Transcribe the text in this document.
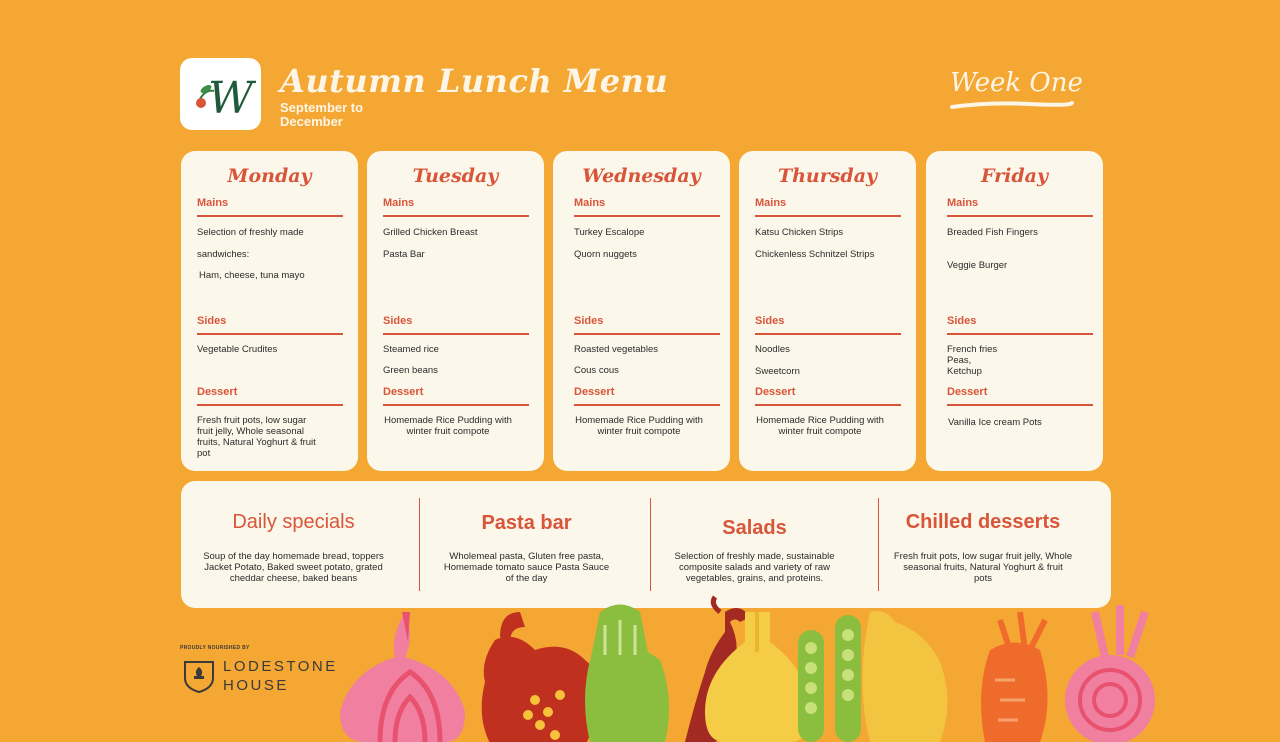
W Autumn Lunch Menu
September to December
Week One
Monday
Mains
Selection of freshly made
sandwiches:
Ham, cheese, tuna mayo
Sides
Vegetable Crudites
Dessert
Fresh fruit pots, low sugar fruit jelly, Whole seasonal fruits, Natural Yoghurt & fruit pot
Tuesday
Mains
Grilled Chicken Breast
Pasta Bar
Sides
Steamed rice
Green beans
Dessert
Homemade Rice Pudding with winter fruit compote
Wednesday
Mains
Turkey Escalope
Quorn nuggets
Sides
Roasted vegetables
Cous cous
Dessert
Homemade Rice Pudding with winter fruit compote
Thursday
Mains
Katsu Chicken Strips
Chickenless Schnitzel Strips
Sides
Noodles
Sweetcorn
Dessert
Homemade Rice Pudding with winter fruit compote
Friday
Mains
Breaded Fish Fingers
Veggie Burger
Sides
French fries
Peas,
Ketchup
Dessert
Vanilla Ice cream Pots
Daily specials
Soup of the day homemade bread, toppers Jacket Potato, Baked sweet potato, grated cheddar cheese, baked beans
Pasta bar
Wholemeal pasta, Gluten free pasta, Homemade tomato sauce Pasta Sauce of the day
Salads
Selection of freshly made, sustainable composite salads and variety of raw vegetables, grains, and proteins.
Chilled desserts
Fresh fruit pots, low sugar fruit jelly, Whole seasonal fruits, Natural Yoghurt & fruit pots
PROUDLY NOURISHED BY
LODESTONE
HOUSE
